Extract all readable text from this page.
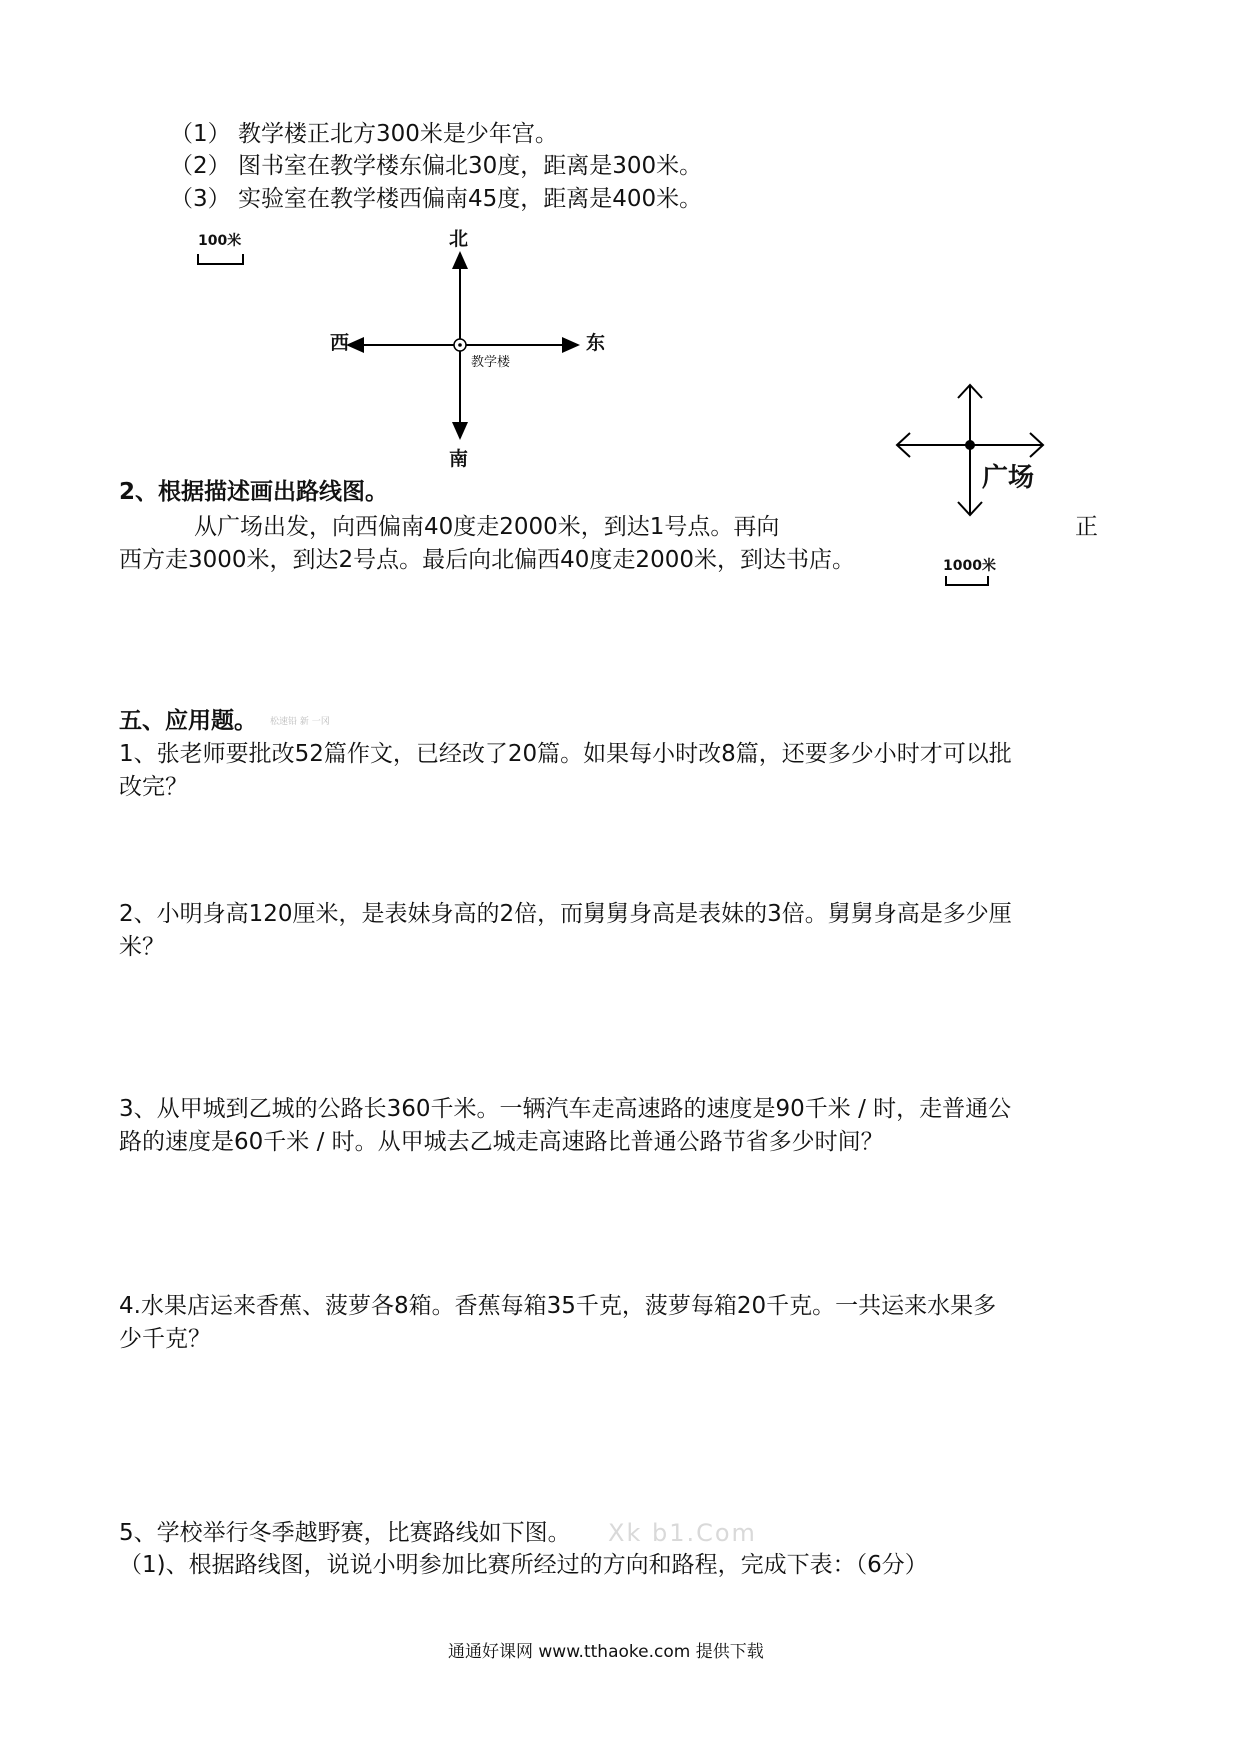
（1） 教学楼正北方300米是少年宫。
（2） 图书室在教学楼东偏北30度，距离是300米。
（3） 实验室在教学楼西偏南45度，距离是400米。
100米	北
南
西	东
教学楼
2、根据描述画出路线图。
从广场出发，向西偏南40度走2000米，到达1号点。再向	正
西方走3000米，到达2号点。最后向北偏西40度走2000米，到达书店。
广场
1000米
五、应用题。 松速铅 新 一冈
1、张老师要批改52篇作文，已经改了20篇。如果每小时改8篇，还要多少小时才可以批
改完？
2、小明身高120厘米，是表妹身高的2倍，而舅舅身高是表妹的3倍。舅舅身高是多少厘
米？
3、从甲城到乙城的公路长360千米。一辆汽车走高速路的速度是90千米 / 时，走普通公
路的速度是60千米 / 时。从甲城去乙城走高速路比普通公路节省多少时间？
4.水果店运来香蕉、菠萝各8箱。香蕉每箱35千克，菠萝每箱20千克。一共运来水果多
少千克？
5、学校举行冬季越野赛，比赛路线如下图。 Xk b1.Com
（1)、根据路线图，说说小明参加比赛所经过的方向和路程，完成下表：（6分）
通通好课网 www.tthaoke.com 提供下载
